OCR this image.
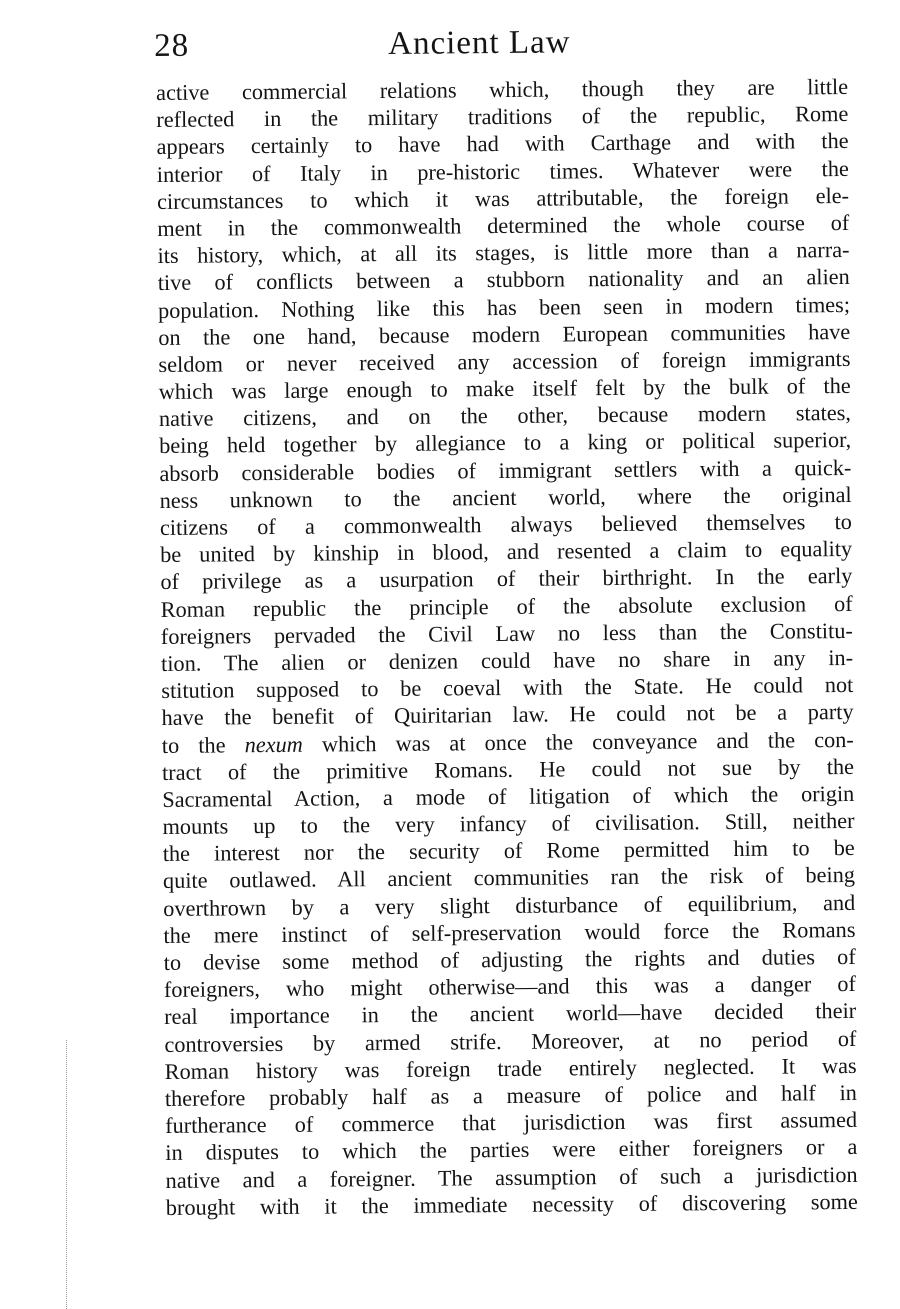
28	Ancient Law
active commercial relations which, though they are little
reflected in the military traditions of the republic, Rome
appears certainly to have had with Carthage and with the
interior of Italy in pre-historic times. Whatever were the
circumstances to which it was attributable, the foreign ele-
ment in the commonwealth determined the whole course of
its history, which, at all its stages, is little more than a narra-
tive of conflicts between a stubborn nationality and an alien
population. Nothing like this has been seen in modern times;
on the one hand, because modern European communities have
seldom or never received any accession of foreign immigrants
which was large enough to make itself felt by the bulk of the
native citizens, and on the other, because modern states,
being held together by allegiance to a king or political superior,
absorb considerable bodies of immigrant settlers with a quick-
ness unknown to the ancient world, where the original
citizens of a commonwealth always believed themselves to
be united by kinship in blood, and resented a claim to equality
of privilege as a usurpation of their birthright. In the early
Roman republic the principle of the absolute exclusion of
foreigners pervaded the Civil Law no less than the Constitu-
tion. The alien or denizen could have no share in any in-
stitution supposed to be coeval with the State. He could not
have the benefit of Quiritarian law. He could not be a party
to the nexum which was at once the conveyance and the con-
tract of the primitive Romans. He could not sue by the
Sacramental Action, a mode of litigation of which the origin
mounts up to the very infancy of civilisation. Still, neither
the interest nor the security of Rome permitted him to be
quite outlawed. All ancient communities ran the risk of being
overthrown by a very slight disturbance of equilibrium, and
the mere instinct of self-preservation would force the Romans
to devise some method of adjusting the rights and duties of
foreigners, who might otherwise—and this was a danger of
real importance in the ancient world—have decided their
controversies by armed strife. Moreover, at no period of
Roman history was foreign trade entirely neglected. It was
therefore probably half as a measure of police and half in
furtherance of commerce that jurisdiction was first assumed
in disputes to which the parties were either foreigners or a
native and a foreigner. The assumption of such a jurisdiction
brought with it the immediate necessity of discovering some
